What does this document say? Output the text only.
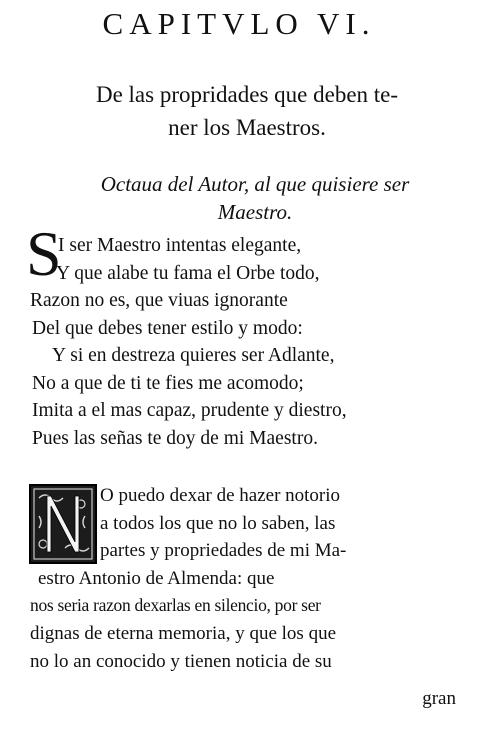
CAPITVLO VI.
De las propridades que deben te-
ner los Maestros.
Octaua del Autor, al que quisiere ser
Maestro.
S
I ser Maestro intentas elegante,
Y que alabe tu fama el Orbe todo,
Razon no es, que viuas ignorante
Del que debes tener estilo y modo:
Y si en destreza quieres ser Adlante,
No a que de ti te fies me acomodo;
Imita a el mas capaz, prudente y diestro,
Pues las señas te doy de mi Maestro.
O puedo dexar de hazer notorio
a todos los que no lo saben, las
partes y propriedades de mi Ma-
estro Antonio de Almenda: que
nos seria razon dexarlas en silencio, por ser
dignas de eterna memoria, y que los que
no lo an conocido y tienen noticia de su
gran
